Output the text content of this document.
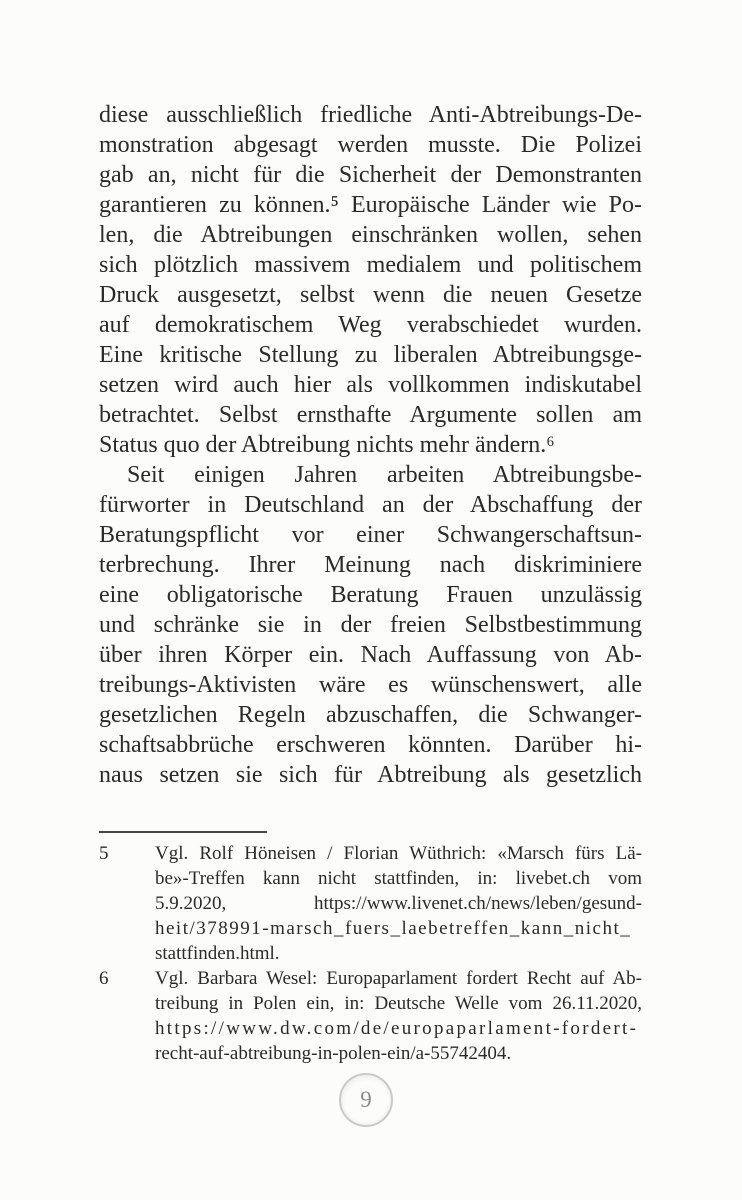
diese ausschließlich friedliche Anti-Abtreibungs-De-
monstration abgesagt werden musste. Die Polizei
gab an, nicht für die Sicherheit der Demonstranten
garantieren zu können.⁵ Europäische Länder wie Po-
len, die Abtreibungen einschränken wollen, sehen
sich plötzlich massivem medialem und politischem
Druck ausgesetzt, selbst wenn die neuen Gesetze
auf demokratischem Weg verabschiedet wurden.
Eine kritische Stellung zu liberalen Abtreibungsge-
setzen wird auch hier als vollkommen indiskutabel
betrachtet. Selbst ernsthafte Argumente sollen am
Status quo der Abtreibung nichts mehr ändern.⁶
Seit einigen Jahren arbeiten Abtreibungsbe-
fürworter in Deutschland an der Abschaffung der
Beratungspflicht vor einer Schwangerschaftsun-
terbrechung. Ihrer Meinung nach diskriminiere
eine obligatorische Beratung Frauen unzulässig
und schränke sie in der freien Selbstbestimmung
über ihren Körper ein. Nach Auffassung von Ab-
treibungs-Aktivisten wäre es wünschenswert, alle
gesetzlichen Regeln abzuschaffen, die Schwanger-
schaftsabbrüche erschweren könnten. Darüber hi-
naus setzen sie sich für Abtreibung als gesetzlich
5	Vgl. Rolf Höneisen / Florian Wüthrich: «Marsch fürs Lä-
be»-Treffen kann nicht stattfinden, in: livebet.ch vom
5.9.2020, https://www.livenet.ch/news/leben/gesund-
heit/378991-marsch_fuers_laebetreffen_kann_nicht_
stattfinden.html.
6	Vgl. Barbara Wesel: Europaparlament fordert Recht auf Ab-
treibung in Polen ein, in: Deutsche Welle vom 26.11.2020,
https://www.dw.com/de/europaparlament-fordert-
recht-auf-abtreibung-in-polen-ein/a-55742404.
9
